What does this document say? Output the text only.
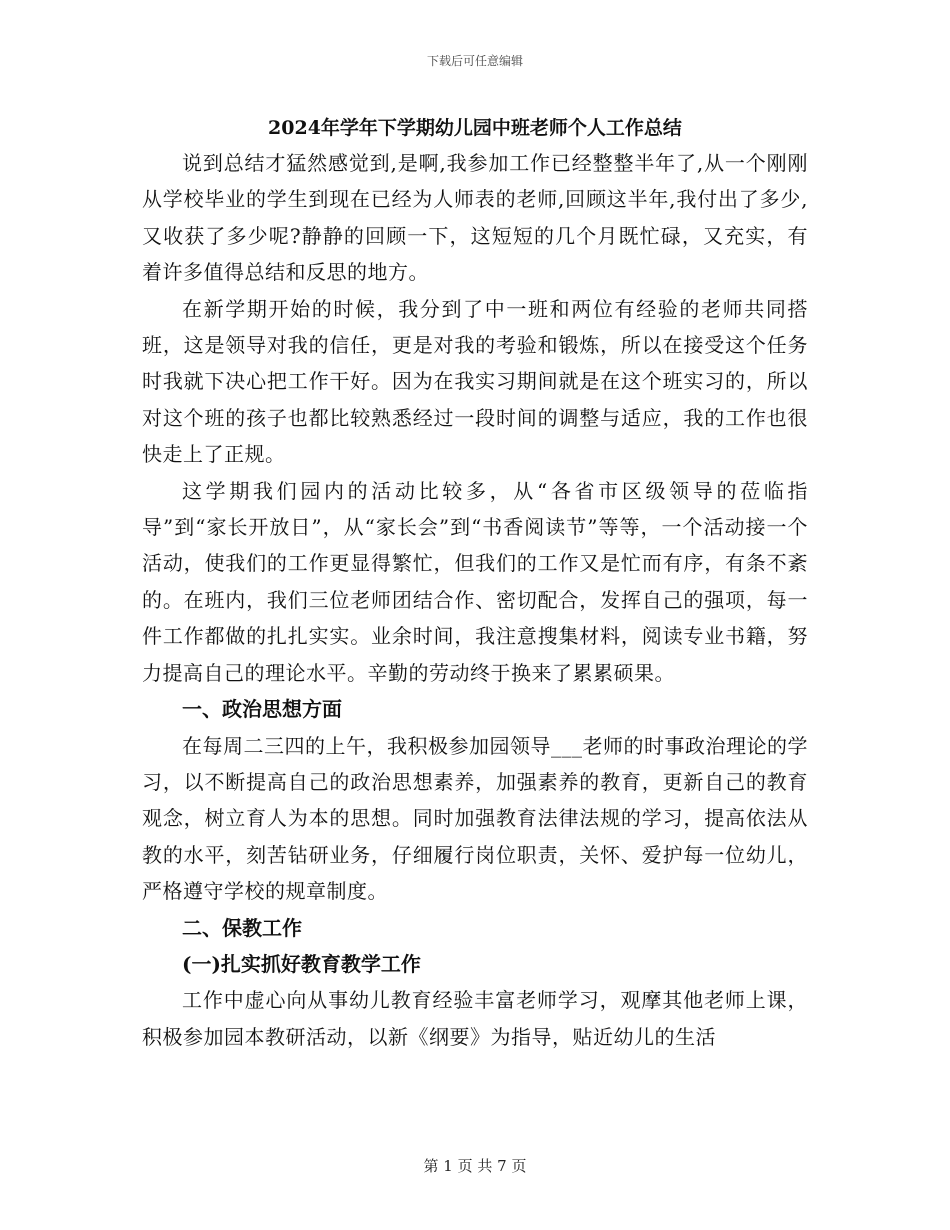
下载后可任意编辑
2024年学年下学期幼儿园中班老师个人工作总结

说到总结才猛然感觉到,是啊,我参加工作已经整整半年了,从一个刚刚从学校毕业的学生到现在已经为人师表的老师,回顾这半年,我付出了多少,又收获了多少呢?静静的回顾一下，这短短的几个月既忙碌，又充实，有着许多值得总结和反思的地方。

在新学期开始的时候，我分到了中一班和两位有经验的老师共同搭班，这是领导对我的信任，更是对我的考验和锻炼，所以在接受这个任务时我就下决心把工作干好。因为在我实习期间就是在这个班实习的，所以对这个班的孩子也都比较熟悉经过一段时间的调整与适应，我的工作也很快走上了正规。

这学期我们园内的活动比较多，从“各省市区级领导的莅临指导”到“家长开放日”，从“家长会”到“书香阅读节”等等，一个活动接一个活动，使我们的工作更显得繁忙，但我们的工作又是忙而有序，有条不紊的。在班内，我们三位老师团结合作、密切配合，发挥自己的强项，每一件工作都做的扎扎实实。业余时间，我注意搜集材料，阅读专业书籍，努力提高自己的理论水平。辛勤的劳动终于换来了累累硕果。

一、政治思想方面

在每周二三四的上午，我积极参加园领导___老师的时事政治理论的学习，以不断提高自己的政治思想素养，加强素养的教育，更新自己的教育观念，树立育人为本的思想。同时加强教育法律法规的学习，提高依法从教的水平，刻苦钻研业务，仔细履行岗位职责，关怀、爱护每一位幼儿，严格遵守学校的规章制度。

二、保教工作

(一)扎实抓好教育教学工作

工作中虚心向从事幼儿教育经验丰富老师学习，观摩其他老师上课，积极参加园本教研活动，以新《纲要》为指导，贴近幼儿的生活

第 1 页 共 7 页
